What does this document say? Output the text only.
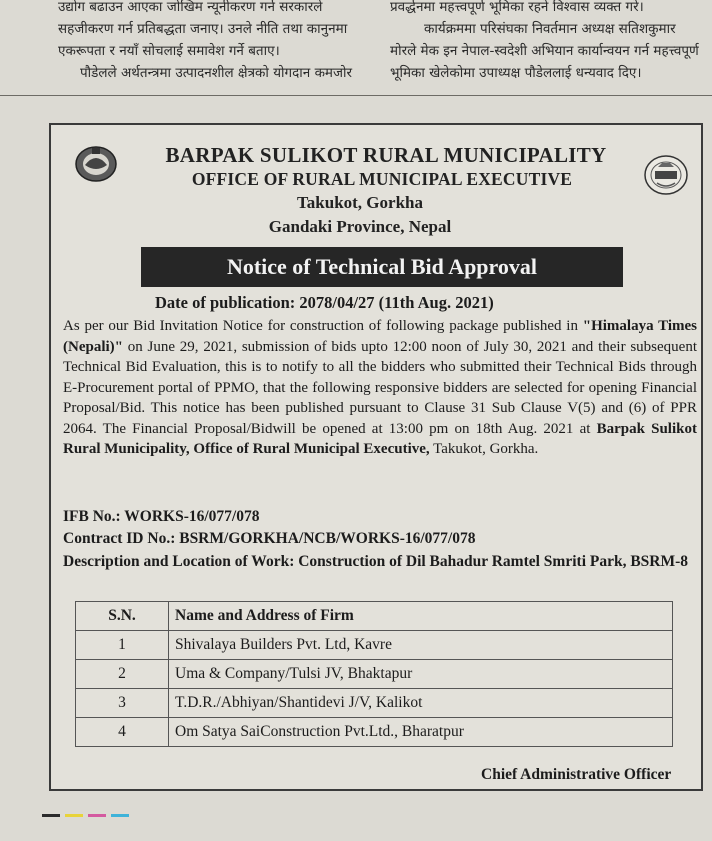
उद्योग बढाउन आएका जोखिम न्यूनीकरण गर्न सरकारले
सहजीकरण गर्न प्रतिबद्धता जनाए। उनले नीति तथा कानुनमा
एकरूपता र नयाँ सोचलाई समावेश गर्ने बताए।
पौडेलले अर्थतन्त्रमा उत्पादनशील क्षेत्रको योगदान कमजोर
प्रवर्द्धनमा महत्त्वपूर्ण भूमिका रहने विश्वास व्यक्त गरे।
कार्यक्रममा परिसंघका निवर्तमान अध्यक्ष सतिशकुमार
मोरले मेक इन नेपाल-स्वदेशी अभियान कार्यान्वयन गर्न महत्त्वपूर्ण
भूमिका खेलेकोमा उपाध्यक्ष पौडेललाई धन्यवाद दिए।
BARPAK SULIKOT RURAL MUNICIPALITY
OFFICE OF RURAL MUNICIPAL EXECUTIVE
Takukot, Gorkha
Gandaki Province, Nepal
Notice of Technical Bid Approval
Date of publication: 2078/04/27 (11th Aug. 2021)
As per our Bid Invitation Notice for construction of following package published in "Himalaya Times (Nepali)" on June 29, 2021, submission of bids upto 12:00 noon of July 30, 2021 and their subsequent Technical Bid Evaluation, this is to notify to all the bidders who submitted their Technical Bids through E-Procurement portal of PPMO, that the following responsive bidders are selected for opening Financial Proposal/Bid. This notice has been published pursuant to Clause 31 Sub Clause V(5) and (6) of PPR 2064. The Financial Proposal/Bidwill be opened at 13:00 pm on 18th Aug. 2021 at Barpak Sulikot Rural Municipality, Office of Rural Municipal Executive, Takukot, Gorkha.
IFB No.: WORKS-16/077/078
Contract ID No.: BSRM/GORKHA/NCB/WORKS-16/077/078
Description and Location of Work: Construction of Dil Bahadur Ramtel Smriti Park, BSRM-8
S.N.	Name and Address of Firm
1	Shivalaya Builders Pvt. Ltd, Kavre
2	Uma & Company/Tulsi JV, Bhaktapur
3	T.D.R./Abhiyan/Shantidevi J/V, Kalikot
4	Om Satya SaiConstruction Pvt.Ltd., Bharatpur
Chief Administrative Officer
